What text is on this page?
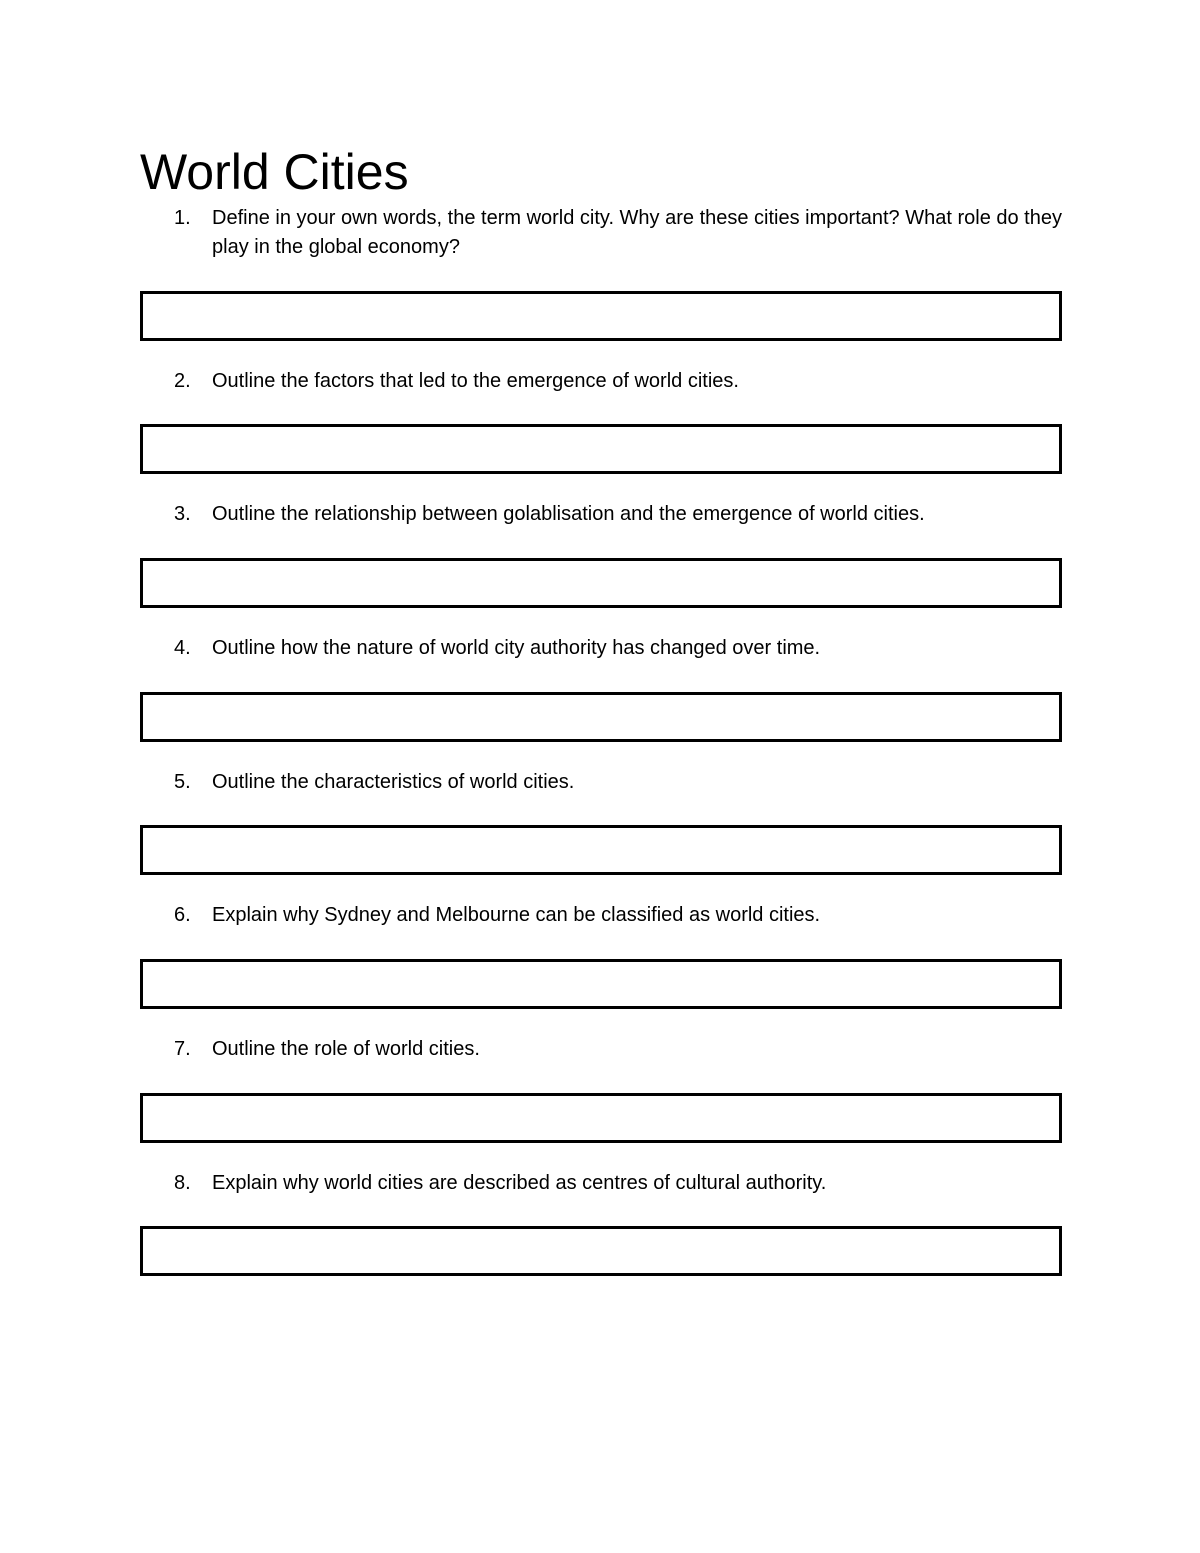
World Cities
1.	Define in your own words, the term world city. Why are these cities important? What role do they play in the global economy?
2.	Outline the factors that led to the emergence of world cities.
3.	Outline the relationship between golablisation and the emergence of world cities.
4.	Outline how the nature of world city authority has changed over time.
5.	Outline the characteristics of world cities.
6.	Explain why Sydney and Melbourne can be classified as world cities.
7.	Outline the role of world cities.
8.	Explain why world cities are described as centres of cultural authority.
